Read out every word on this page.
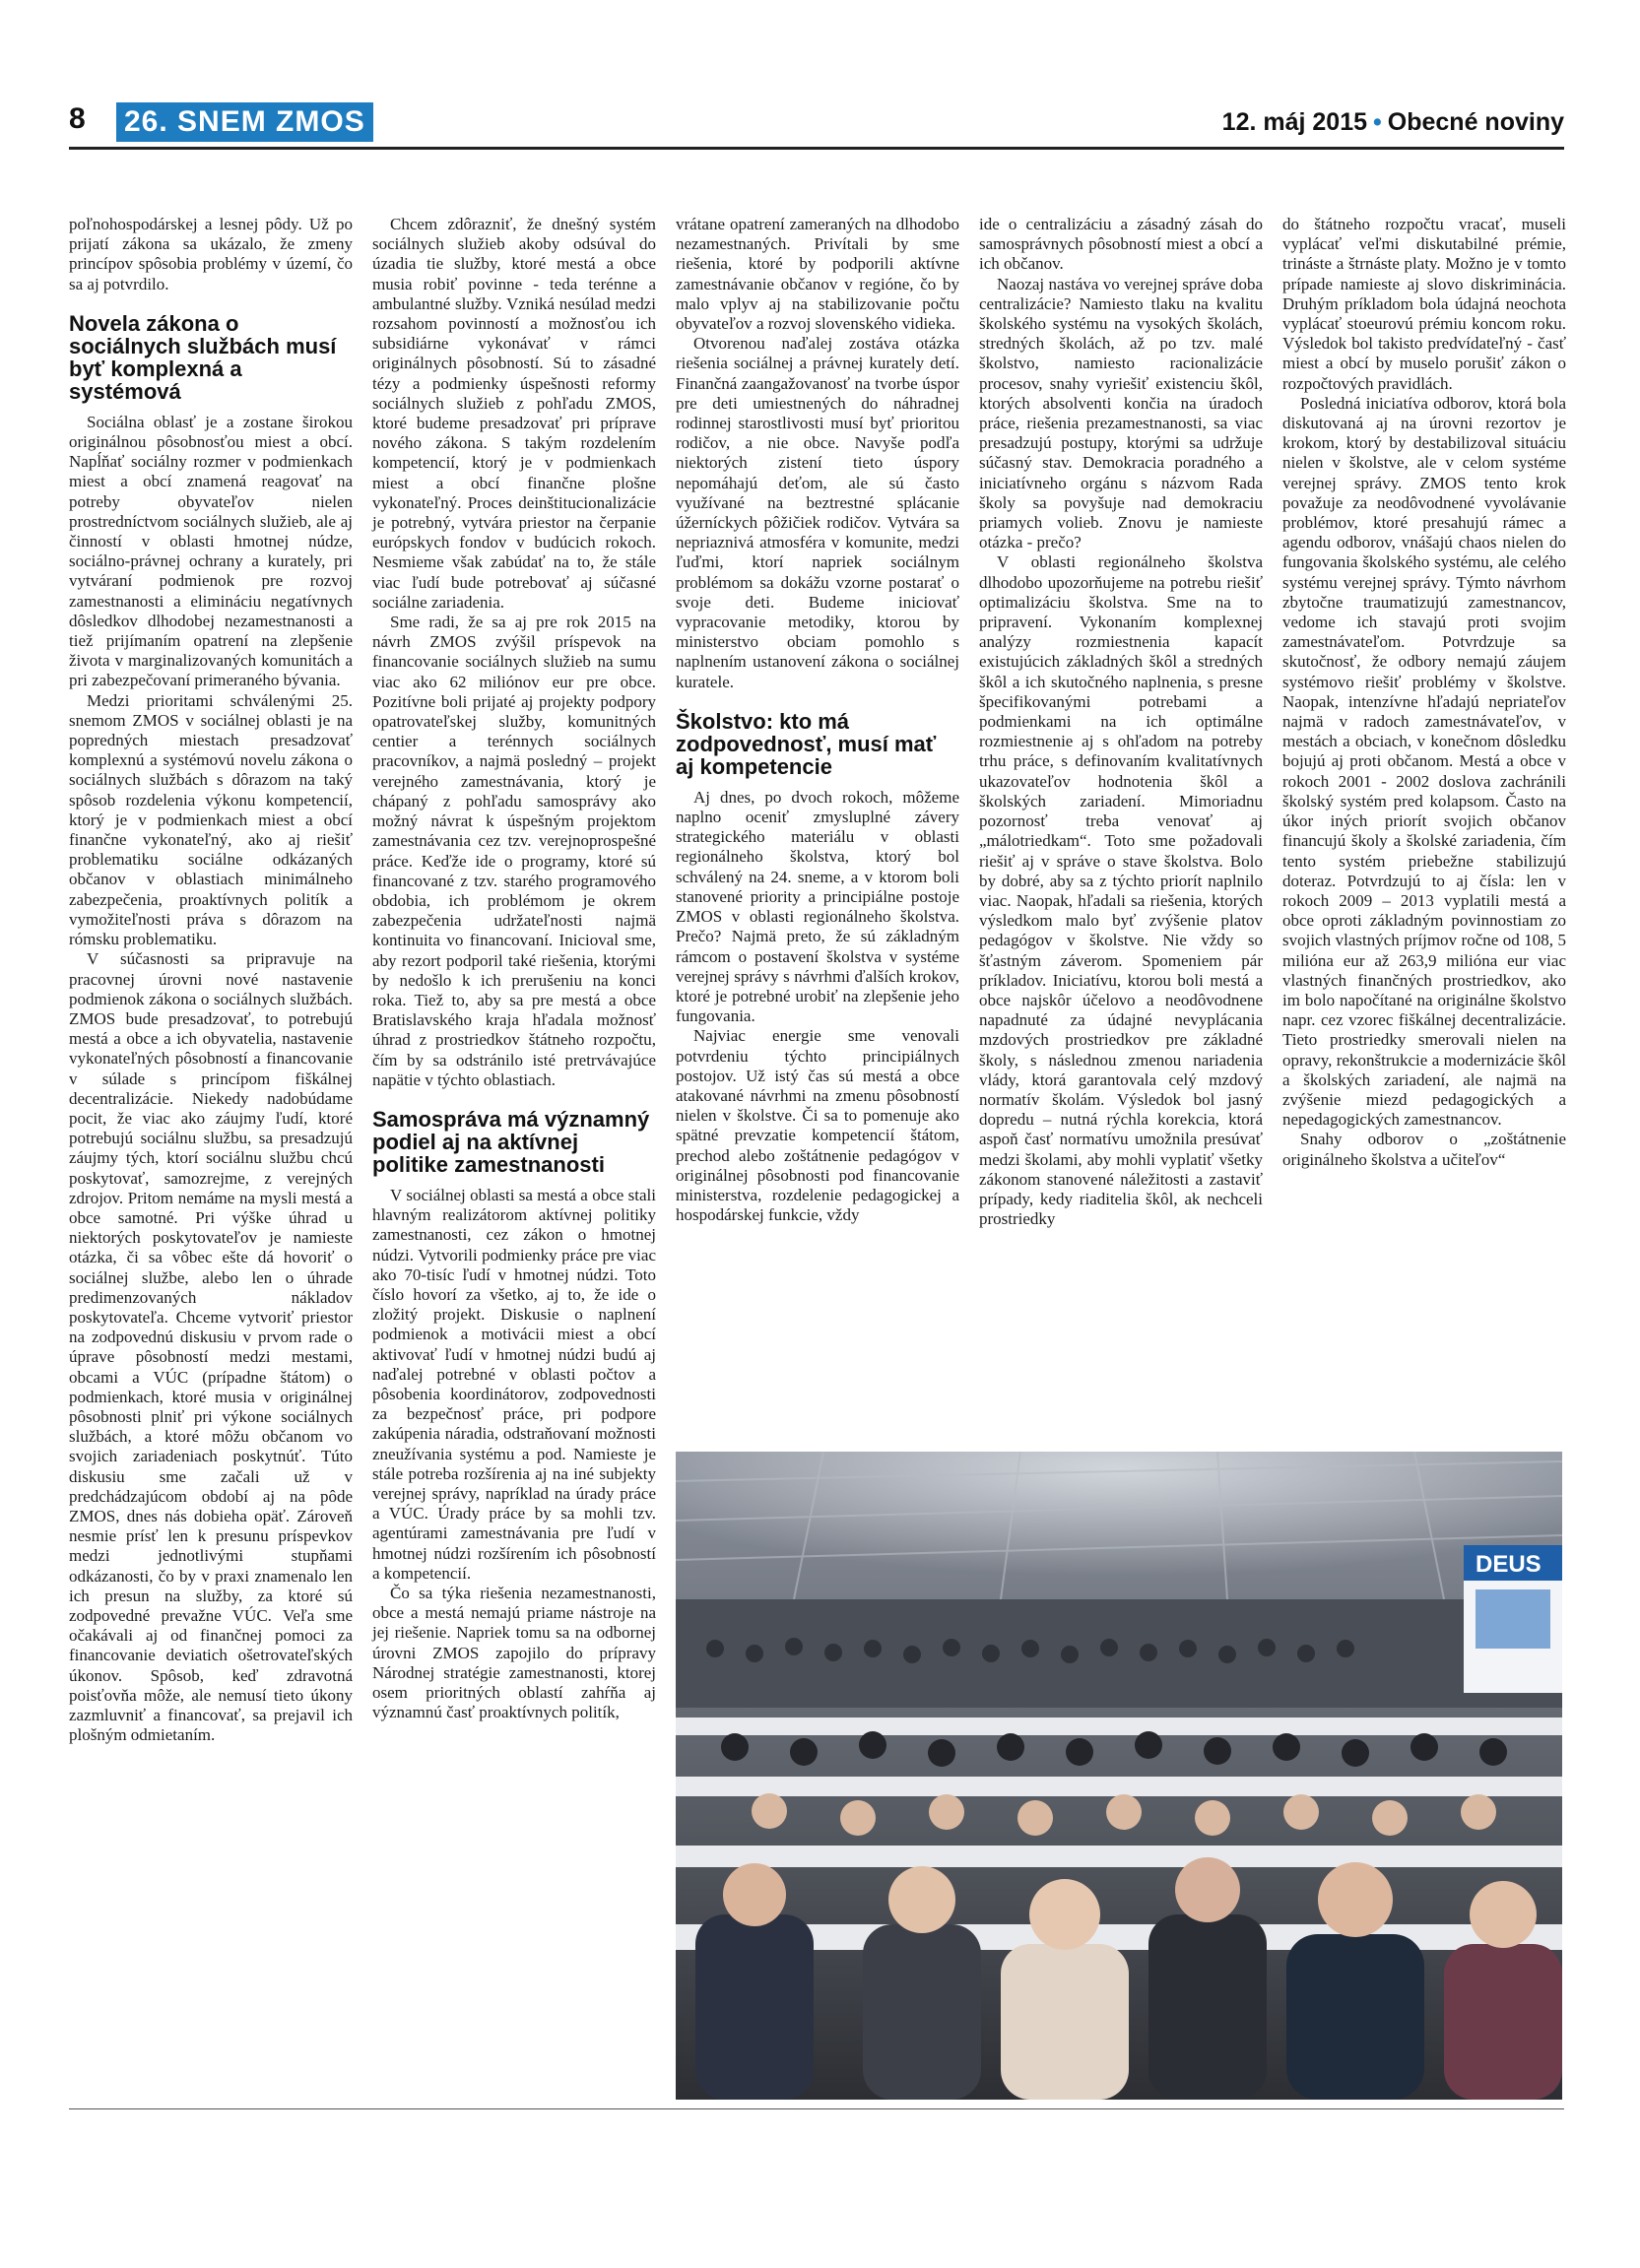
8 26. SNEM ZMOS	12. máj 2015 • Obecné noviny

poľnohospodárskej a lesnej pôdy. Už po prijatí zákona sa ukázalo, že zmeny princípov spôsobia problémy v území, čo sa aj potvrdilo.

Novela zákona o sociálnych službách musí byť komplexná a systémová

Sociálna oblasť je a zostane širokou originálnou pôsobnosťou miest a obcí. Napĺňať sociálny rozmer v podmienkach miest a obcí znamená reagovať na potreby obyvateľov nielen prostredníctvom sociálnych služieb, ale aj činností v oblasti hmotnej núdze, sociálno-právnej ochrany a kurately, pri vytváraní podmienok pre rozvoj zamestnanosti a elimináciu negatívnych dôsledkov dlhodobej nezamestnanosti a tiež prijímaním opatrení na zlepšenie života v marginalizovaných komunitách a pri zabezpečovaní primeraného bývania.

Medzi prioritami schválenými 25. snemom ZMOS v sociálnej oblasti je na popredných miestach presadzovať komplexnú a systémovú novelu zákona o sociálnych službách s dôrazom na taký spôsob rozdelenia výkonu kompetencií, ktorý je v podmienkach miest a obcí finančne vykonateľný, ako aj riešiť problematiku sociálne odkázaných občanov v oblastiach minimálneho zabezpečenia, proaktívnych politík a vymožiteľnosti práva s dôrazom na rómsku problematiku.

V súčasnosti sa pripravuje na pracovnej úrovni nové nastavenie podmienok zákona o sociálnych službách. ZMOS bude presadzovať, to potrebujú mestá a obce a ich obyvatelia, nastavenie vykonateľných pôsobností a financovanie v súlade s princípom fiškálnej decentralizácie. Niekedy nadobúdame pocit, že viac ako záujmy ľudí, ktoré potrebujú sociálnu službu, sa presadzujú záujmy tých, ktorí sociálnu službu chcú poskytovať, samozrejme, z verejných zdrojov. Pritom nemáme na mysli mestá a obce samotné. Pri výške úhrad u niektorých poskytovateľov je namieste otázka, či sa vôbec ešte dá hovoriť o sociálnej službe, alebo len o úhrade predimenzovaných nákladov poskytovateľa. Chceme vytvoriť priestor na zodpovednú diskusiu v prvom rade o úprave pôsobností medzi mestami, obcami a VÚC (prípadne štátom) o podmienkach, ktoré musia v originálnej pôsobnosti plniť pri výkone sociálnych službách, a ktoré môžu občanom vo svojich zariadeniach poskytnúť. Túto diskusiu sme začali už v predchádzajúcom období aj na pôde ZMOS, dnes nás dobieha opäť. Zároveň nesmie prísť len k presunu príspevkov medzi jednotlivými stupňami odkázanosti, čo by v praxi znamenalo len ich presun na služby, za ktoré sú zodpovedné prevažne VÚC. Veľa sme očakávali aj od finančnej pomoci za financovanie deviatich ošetrovateľských úkonov. Spôsob, keď zdravotná poisťovňa môže, ale nemusí tieto úkony zazmluvniť a financovať, sa prejavil ich plošným odmietaním.

Chcem zdôrazniť, že dnešný systém sociálnych služieb akoby odsúval do úzadia tie služby, ktoré mestá a obce musia robiť povinne - teda terénne a ambulantné služby. Vzniká nesúlad medzi rozsahom povinností a možnosťou ich subsidiárne vykonávať v rámci originálnych pôsobností. Sú to zásadné tézy a podmienky úspešnosti reformy sociálnych služieb z pohľadu ZMOS, ktoré budeme presadzovať pri príprave nového zákona. S takým rozdelením kompetencií, ktorý je v podmienkach miest a obcí finančne plošne vykonateľný. Proces deinštitucionalizácie je potrebný, vytvára priestor na čerpanie európskych fondov v budúcich rokoch. Nesmieme však zabúdať na to, že stále viac ľudí bude potrebovať aj súčasné sociálne zariadenia.

Sme radi, že sa aj pre rok 2015 na návrh ZMOS zvýšil príspevok na financovanie sociálnych služieb na sumu viac ako 62 miliónov eur pre obce. Pozitívne boli prijaté aj projekty podpory opatrovateľskej služby, komunitných centier a terénnych sociálnych pracovníkov, a najmä posledný – projekt verejného zamestnávania, ktorý je chápaný z pohľadu samosprávy ako možný návrat k úspešným projektom zamestnávania cez tzv. verejnoprospešné práce. Keďže ide o programy, ktoré sú financované z tzv. starého programového obdobia, ich problémom je okrem zabezpečenia udržateľnosti najmä kontinuita vo financovaní. Inicioval sme, aby rezort podporil také riešenia, ktorými by nedošlo k ich prerušeniu na konci roka. Tiež to, aby sa pre mestá a obce Bratislavského kraja hľadala možnosť úhrad z prostriedkov štátneho rozpočtu, čím by sa odstránilo isté pretrvávajúce napätie v týchto oblastiach.

Samospráva má významný podiel aj na aktívnej politike zamestnanosti

V sociálnej oblasti sa mestá a obce stali hlavným realizátorom aktívnej politiky zamestnanosti, cez zákon o hmotnej núdzi. Vytvorili podmienky práce pre viac ako 70-tisíc ľudí v hmotnej núdzi. Toto číslo hovorí za všetko, aj to, že ide o zložitý projekt. Diskusie o naplnení podmienok a motivácii miest a obcí aktivovať ľudí v hmotnej núdzi budú aj naďalej potrebné v oblasti počtov a pôsobenia koordinátorov, zodpovednosti za bezpečnosť práce, pri podpore zakúpenia náradia, odstraňovaní možnosti zneužívania systému a pod. Namieste je stále potreba rozšírenia aj na iné subjekty verejnej správy, napríklad na úrady práce a VÚC. Úrady práce by sa mohli tzv. agentúrami zamestnávania pre ľudí v hmotnej núdzi rozšírením ich pôsobností a kompetencií.

Čo sa týka riešenia nezamestnanosti, obce a mestá nemajú priame nástroje na jej riešenie. Napriek tomu sa na odbornej úrovni ZMOS zapojilo do prípravy Národnej stratégie zamestnanosti, ktorej osem prioritných oblastí zahŕňa aj významnú časť proaktívnych politík,

vrátane opatrení zameraných na dlhodobo nezamestnaných. Privítali by sme riešenia, ktoré by podporili aktívne zamestnávanie občanov v regióne, čo by malo vplyv aj na stabilizovanie počtu obyvateľov a rozvoj slovenského vidieka.

Otvorenou naďalej zostáva otázka riešenia sociálnej a právnej kurately detí. Finančná zaangažovanosť na tvorbe úspor pre deti umiestnených do náhradnej rodinnej starostlivosti musí byť prioritou rodičov, a nie obce. Navyše podľa niektorých zistení tieto úspory nepomáhajú deťom, ale sú často využívané na beztrestné splácanie úžerníckych pôžičiek rodičov. Vytvára sa nepriaznivá atmosféra v komunite, medzi ľuďmi, ktorí napriek sociálnym problémom sa dokážu vzorne postarať o svoje deti. Budeme iniciovať vypracovanie metodiky, ktorou by ministerstvo obciam pomohlo s naplnením ustanovení zákona o sociálnej kuratele.

Školstvo: kto má zodpovednosť, musí mať aj kompetencie

Aj dnes, po dvoch rokoch, môžeme naplno oceniť zmysluplné závery strategického materiálu v oblasti regionálneho školstva, ktorý bol schválený na 24. sneme, a v ktorom boli stanovené priority a principiálne postoje ZMOS v oblasti regionálneho školstva. Prečo? Najmä preto, že sú základným rámcom o postavení školstva v systéme verejnej správy s návrhmi ďalších krokov, ktoré je potrebné urobiť na zlepšenie jeho fungovania.

Najviac energie sme venovali potvrdeniu týchto principiálnych postojov. Už istý čas sú mestá a obce atakované návrhmi na zmenu pôsobností nielen v školstve. Či sa to pomenuje ako spätné prevzatie kompetencií štátom, prechod alebo zoštátnenie pedagógov v originálnej pôsobnosti pod financovanie ministerstva, rozdelenie pedagogickej a hospodárskej funkcie, vždy

ide o centralizáciu a zásadný zásah do samosprávnych pôsobností miest a obcí a ich občanov.

Naozaj nastáva vo verejnej správe doba centralizácie? Namiesto tlaku na kvalitu školského systému na vysokých školách, stredných školách, až po tzv. malé školstvo, namiesto racionalizácie procesov, snahy vyriešiť existenciu škôl, ktorých absolventi končia na úradoch práce, riešenia prezamestnanosti, sa viac presadzujú postupy, ktorými sa udržuje súčasný stav. Demokracia poradného a iniciatívneho orgánu s názvom Rada školy sa povyšuje nad demokraciu priamych volieb. Znovu je namieste otázka - prečo?

V oblasti regionálneho školstva dlhodobo upozorňujeme na potrebu riešiť optimalizáciu školstva. Sme na to pripravení. Vykonaním komplexnej analýzy rozmiestnenia kapacít existujúcich základných škôl a stredných škôl a ich skutočného naplnenia, s presne špecifikovanými potrebami a podmienkami na ich optimálne rozmiestnenie aj s ohľadom na potreby trhu práce, s definovaním kvalitatívnych ukazovateľov hodnotenia škôl a školských zariadení. Mimoriadnu pozornosť treba venovať aj „málotriedkam“. Toto sme požadovali riešiť aj v správe o stave školstva. Bolo by dobré, aby sa z týchto priorít naplnilo viac. Naopak, hľadali sa riešenia, ktorých výsledkom malo byť zvýšenie platov pedagógov v školstve. Nie vždy so šťastným záverom. Spomeniem pár príkladov. Iniciatívu, ktorou boli mestá a obce najskôr účelovo a neodôvodnene napadnuté za údajné nevyplácania mzdových prostriedkov pre základné školy, s následnou zmenou nariadenia vlády, ktorá garantovala celý mzdový normatív školám. Výsledok bol jasný dopredu – nutná rýchla korekcia, ktorá aspoň časť normatívu umožnila presúvať medzi školami, aby mohli vyplatiť všetky zákonom stanovené náležitosti a zastaviť prípady, kedy riaditelia škôl, ak nechceli prostriedky

do štátneho rozpočtu vracať, museli vyplácať veľmi diskutabilné prémie, trináste a štrnáste platy. Možno je v tomto prípade namieste aj slovo diskriminácia. Druhým príkladom bola údajná neochota vyplácať stoeurovú prémiu koncom roku. Výsledok bol takisto predvídateľný - časť miest a obcí by muselo porušiť zákon o rozpočtových pravidlách.

Posledná iniciatíva odborov, ktorá bola diskutovaná aj na úrovni rezortov je krokom, ktorý by destabilizoval situáciu nielen v školstve, ale v celom systéme verejnej správy. ZMOS tento krok považuje za neodôvodnené vyvolávanie problémov, ktoré presahujú rámec a agendu odborov, vnášajú chaos nielen do fungovania školského systému, ale celého systému verejnej správy. Týmto návrhom zbytočne traumatizujú zamestnancov, vedome ich stavajú proti svojim zamestnávateľom. Potvrdzuje sa skutočnosť, že odbory nemajú záujem systémovo riešiť problémy v školstve. Naopak, intenzívne hľadajú nepriateľov najmä v radoch zamestnávateľov, v mestách a obciach, v konečnom dôsledku bojujú aj proti občanom. Mestá a obce v rokoch 2001 - 2002 doslova zachránili školský systém pred kolapsom. Často na úkor iných priorít svojich občanov financujú školy a školské zariadenia, čím tento systém priebežne stabilizujú doteraz. Potvrdzujú to aj čísla: len v rokoch 2009 – 2013 vyplatili mestá a obce oproti základným povinnostiam zo svojich vlastných príjmov ročne od 108, 5 milióna eur až 263,9 milióna eur viac vlastných finančných prostriedkov, ako im bolo napočítané na originálne školstvo napr. cez vzorec fiškálnej decentralizácie. Tieto prostriedky smerovali nielen na opravy, rekonštrukcie a modernizácie škôl a školských zariadení, ale najmä na zvýšenie miezd pedagogických a nepedagogických zamestnancov.

Snahy odborov o „zoštátnenie originálneho školstva a učiteľov“

DEUS
